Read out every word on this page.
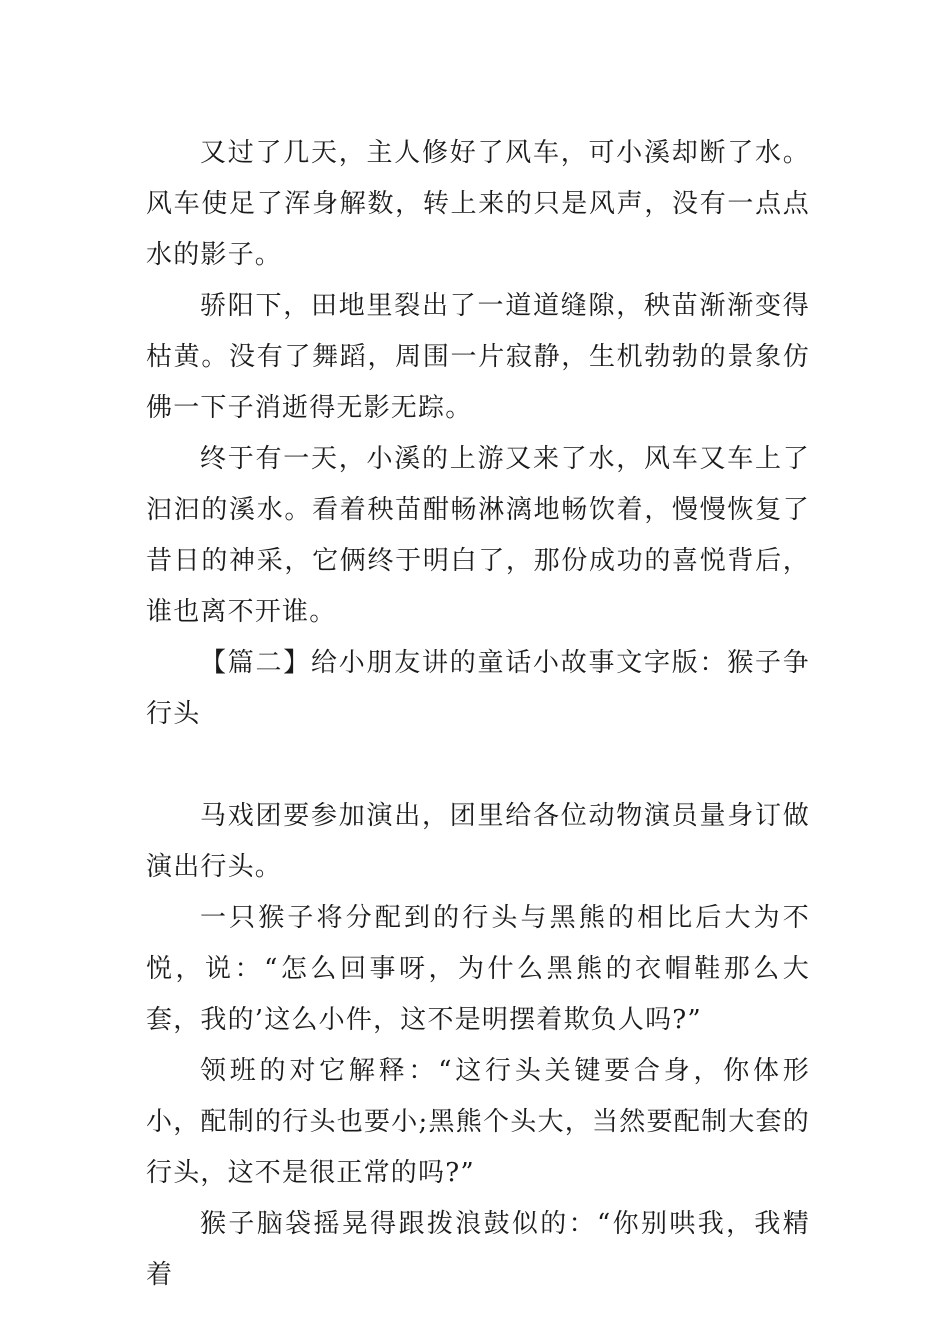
又过了几天，主人修好了风车，可小溪却断了水。风车使足了浑身解数，转上来的只是风声，没有一点点水的影子。

骄阳下，田地里裂出了一道道缝隙，秧苗渐渐变得枯黄。没有了舞蹈，周围一片寂静，生机勃勃的景象仿佛一下子消逝得无影无踪。

终于有一天，小溪的上游又来了水，风车又车上了汩汩的溪水。看着秧苗酣畅淋漓地畅饮着，慢慢恢复了昔日的神采，它俩终于明白了，那份成功的喜悦背后，谁也离不开谁。

【篇二】给小朋友讲的童话小故事文字版：猴子争行头

马戏团要参加演出，团里给各位动物演员量身订做演出行头。

一只猴子将分配到的行头与黑熊的相比后大为不悦，说：“怎么回事呀，为什么黑熊的衣帽鞋那么大套，我的’这么小件，这不是明摆着欺负人吗?”

领班的对它解释：“这行头关键要合身，你体形小，配制的行头也要小;黑熊个头大，当然要配制大套的行头，这不是很正常的吗?”

猴子脑袋摇晃得跟拨浪鼓似的：“你别哄我，我精着
